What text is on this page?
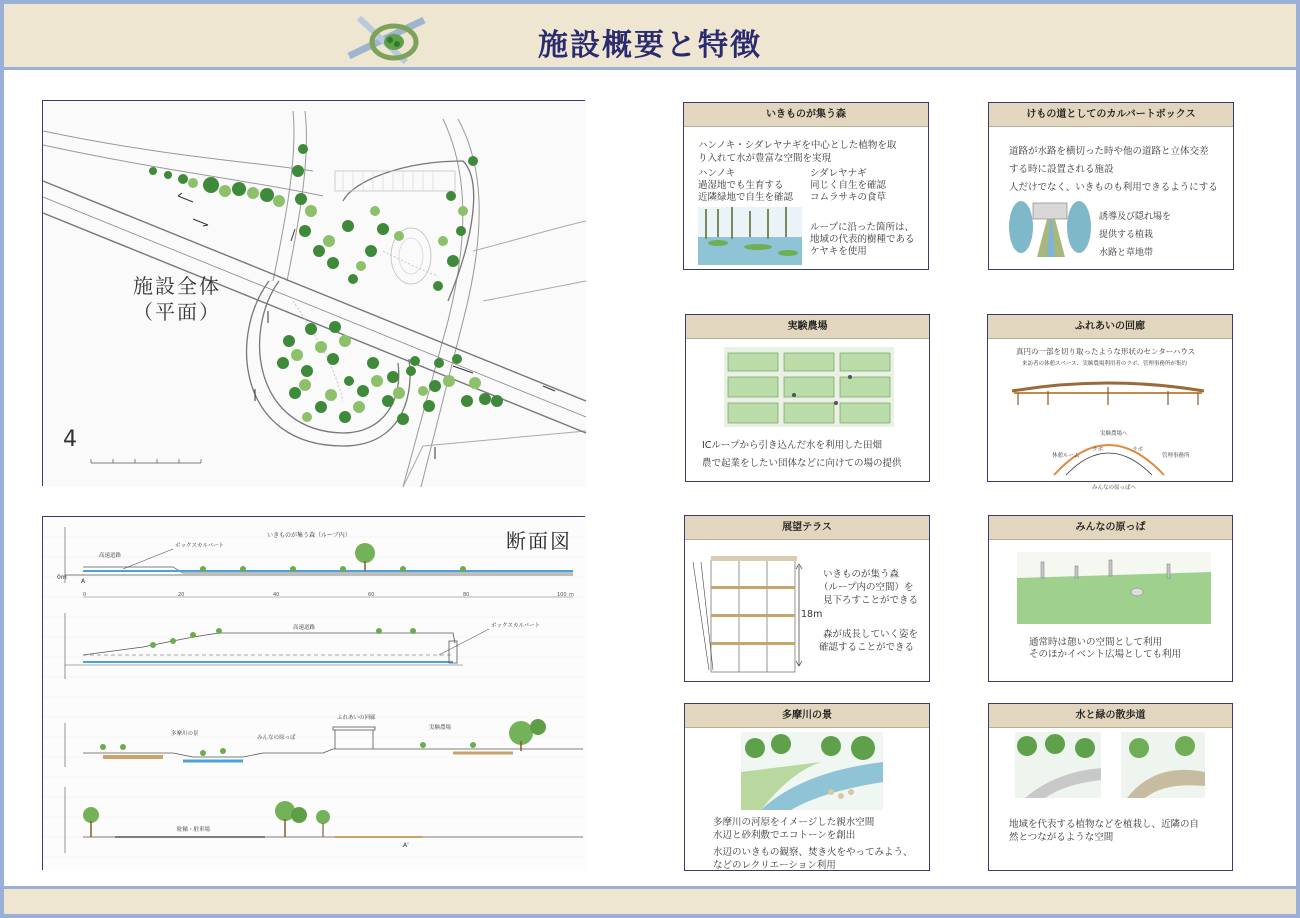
施設概要と特徴
4
施設全体
（平面）
いきものが集う森（ループ内）
高速道路
ボックスカルバート
A
0m
0	20	40	60	80	100 m
高速道路	ボックスカルバート
多摩川の景
みんなの原っぱ
ふれあいの回廊
実験農場
駐輪・駐車場
A'
断面図
いきものが集う森
ハンノキ・シダレヤナギを中心とした植物を取
り入れて水が豊富な空間を実現
ハンノキ
過湿地でも生育する
近隣緑地で自生を確認
シダレヤナギ
同じく自生を確認
コムラサキの食草
ループに沿った箇所は、
地域の代表的樹種である
ケヤキを使用
けもの道としてのカルバートボックス
道路が水路を横切った時や他の道路と立体交差
する時に設置される施設
人だけでなく、いきものも利用できるようにする
誘導及び隠れ場を
提供する植栽
水路と草地帯
実験農場
ICループから引き込んだ水を利用した田畑
農で起業をしたい団体などに向けての場の提供
ふれあいの回廊
真円の一部を切り取ったような形状のセンターハウス
来訪者の休憩スペース、実験農場利用者のラボ、管理事務所が集約
実験農場へ
休憩ルーム
ラボ	ラボ
管理事務所
みんなの原っぱへ
展望テラス
いきものが集う森
（ループ内の空間）を
見下ろすことができる
18m
森が成長していく姿を
確認することができる
みんなの原っぱ
通常時は憩いの空間として利用
そのほかイベント広場としても利用
多摩川の景
多摩川の河原をイメージした親水空間
水辺と砂利敷でエコトーンを創出
水辺のいきもの観察、焚き火をやってみよう、
などのレクリエーション利用
水と緑の散歩道
地域を代表する植物などを植栽し、近隣の自
然とつながるような空間
